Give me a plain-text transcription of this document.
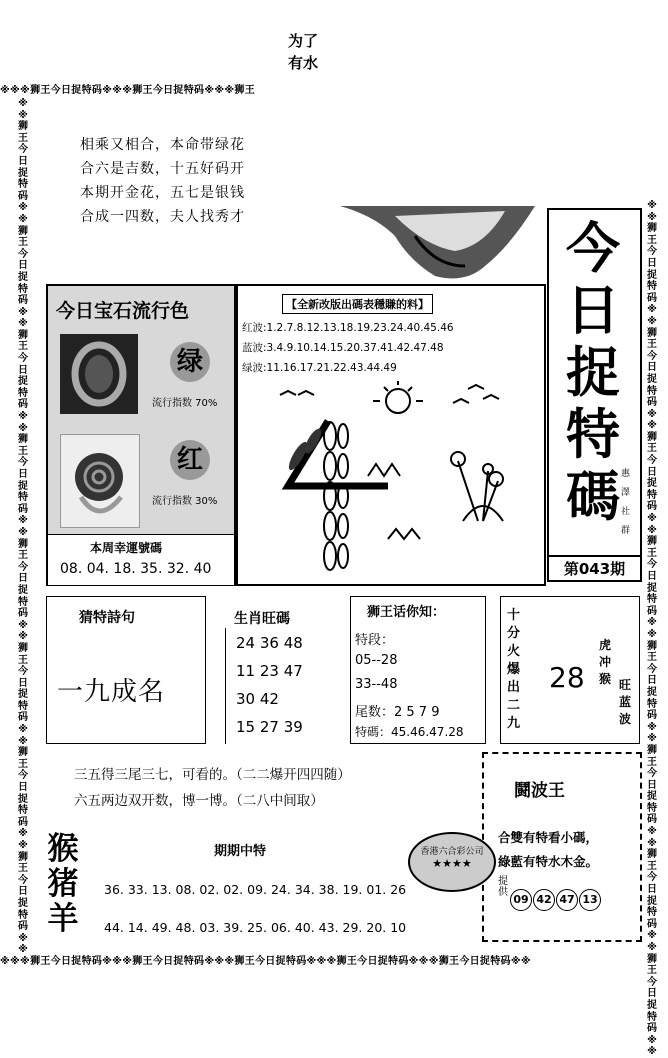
为了
有水
※※※狮王今日捉特码※※※狮王今日捉特码※※※狮王
※※※狮王今日捉特码※※※狮王今日捉特码※※※狮王今日捉特码※※※狮王今日捉特码※※※狮王今日捉特码※※
※※狮王今日捉特码※※狮王今日捉特码※※狮王今日捉特码※※狮王今日捉特码※※狮王今日捉特码※※狮王今日捉特码※※狮王今日捉特码※※狮王今日捉特码※※
※※狮王今日捉特码※※狮王今日捉特码※※狮王今日捉特码※※狮王今日捉特码※※狮王今日捉特码※※狮王今日捉特码※※狮王今日捉特码※※狮王今日捉特码※※
相乘又相合，本命带绿花
合六是吉数，十五好码开
本期开金花，五七是银钱
合成一四数，夫人找秀才	今日捉特碼 惠澤社群
第043期
今日宝石流行色
绿
流行指数 70%
红
流行指数 30%
本周幸運號碼
08. 04. 18. 35. 32. 40
【全新改版出碼表穩賺的料】
红波:1.2.7.8.12.13.18.19.23.24.40.45.46
蓝波:3.4.9.10.14.15.20.37.41.42.47.48
绿波:11.16.17.21.22.43.44.49
猜特詩句
一九成名
生肖旺碼
24 36 48
11 23 47
30 42
15 27 39
狮王话你知：
特段：
05--28
33--48
尾数：2 5 7 9
特碼：45.46.47.28
十分火爆出二九
28
虎冲猴 旺蓝波
三五得三尾三七，可看的。（二二爆开四四随）
六五两边双开数，博一博。（二八中间取）	鬪波王
合雙有特看小碼，
綠藍有特水木金。
提供
09 42 47 13
香港六合彩公司
★★★★
猴猪羊
期期中特
36. 33. 13. 08. 02. 02. 09. 24. 34. 38. 19. 01. 26
44. 14. 49. 48. 03. 39. 25. 06. 40. 43. 29. 20. 10
